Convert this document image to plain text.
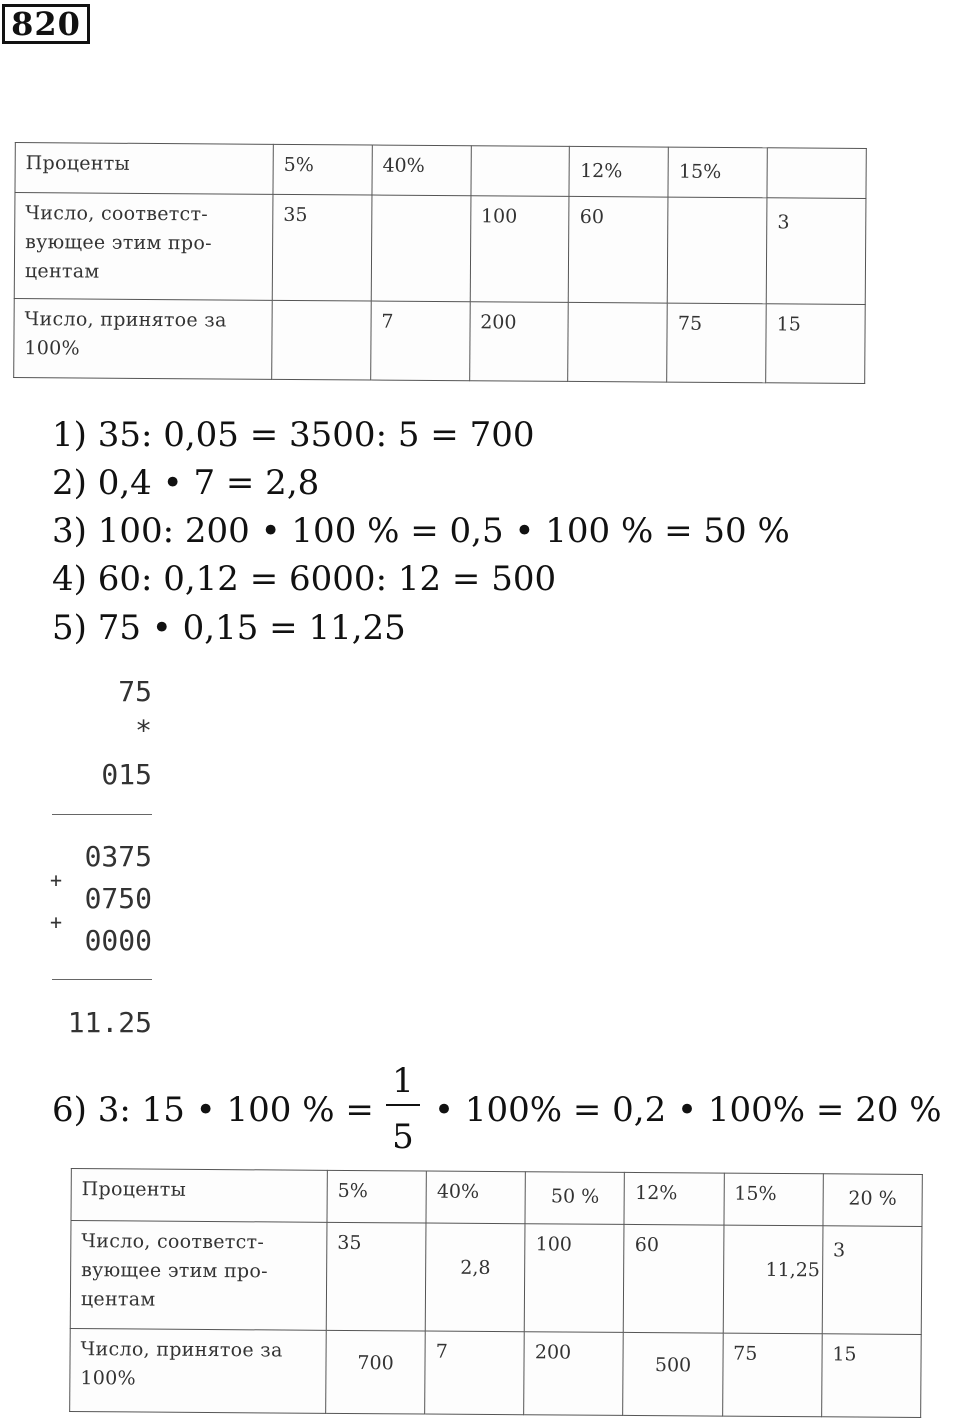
820
Проценты	5%	40%		12%	15%	
Число, соответст-вующее этим про-центам	35		100	60		3
Число, принятое за 100%		7	200		75	15
1) 35: 0,05 = 3500: 5 = 700
2) 0,4 • 7 = 2,8
3) 100: 200 • 100 % = 0,5 • 100 % = 50 %
4) 60: 0,12 = 6000: 12 = 500
5) 75 • 0,15 = 11,25
75
*
015
0375
+
0750
+
0000
11.25
6) 3: 15 • 100 % =
1
5
• 100% = 0,2 • 100% = 20 %
Проценты	5%	40%	50 %	12%	15%	20 %
Число, соответст-вующее этим про-центам	35	2,8	100	60	11,25	3
Число, принятое за 100%	700	7	200	500	75	15
